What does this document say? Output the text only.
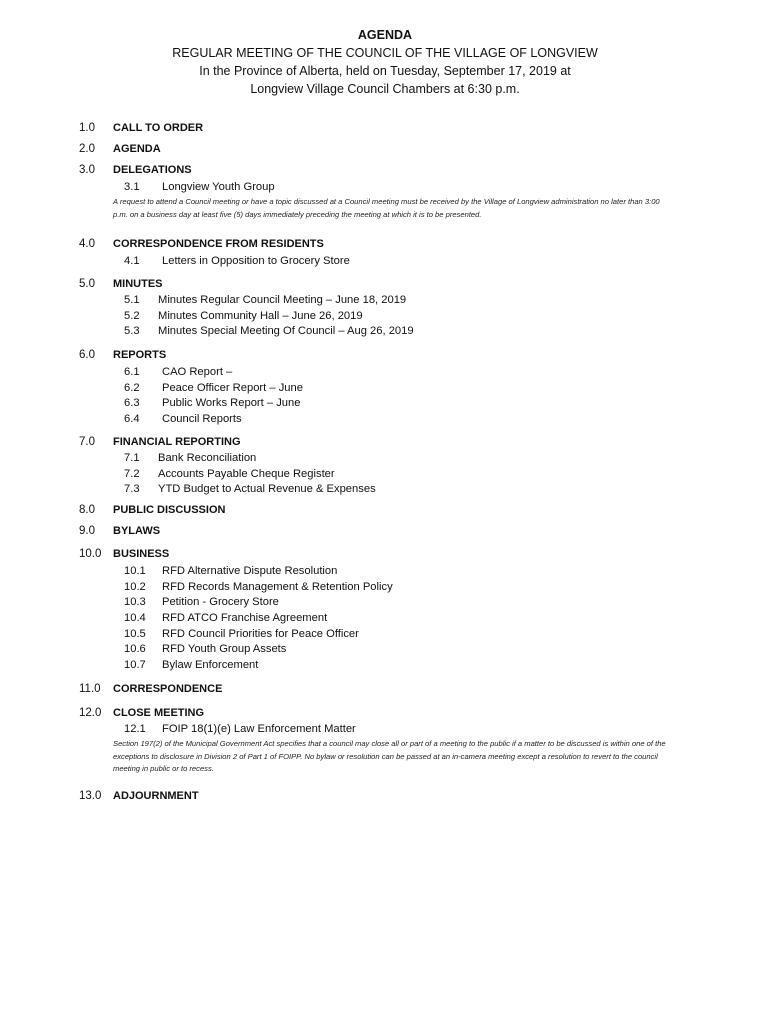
AGENDA
REGULAR MEETING OF THE COUNCIL OF THE VILLAGE OF LONGVIEW
In the Province of Alberta, held on Tuesday, September 17, 2019 at
Longview Village Council Chambers at 6:30 p.m.
1.0 CALL TO ORDER
2.0 AGENDA
3.0 DELEGATIONS
3.1 Longview Youth Group
A request to attend a Council meeting or have a topic discussed at a Council meeting must be received by the Village of Longview administration no later than 3:00 p.m. on a business day at least five (5) days immediately preceding the meeting at which it is to be presented.
4.0 CORRESPONDENCE FROM RESIDENTS
4.1 Letters in Opposition to Grocery Store
5.0 MINUTES
5.1 Minutes Regular Council Meeting – June 18, 2019
5.2 Minutes Community Hall – June 26, 2019
5.3 Minutes Special Meeting Of Council – Aug 26, 2019
6.0 REPORTS
6.1 CAO Report –
6.2 Peace Officer Report – June
6.3 Public Works Report – June
6.4 Council Reports
7.0 FINANCIAL REPORTING
7.1 Bank Reconciliation
7.2 Accounts Payable Cheque Register
7.3 YTD Budget to Actual Revenue & Expenses
8.0 PUBLIC DISCUSSION
9.0 BYLAWS
10.0 BUSINESS
10.1 RFD Alternative Dispute Resolution
10.2 RFD Records Management & Retention Policy
10.3 Petition - Grocery Store
10.4 RFD ATCO Franchise Agreement
10.5 RFD Council Priorities for Peace Officer
10.6 RFD Youth Group Assets
10.7 Bylaw Enforcement
11.0 CORRESPONDENCE
12.0 CLOSE MEETING
12.1 FOIP 18(1)(e) Law Enforcement Matter
Section 197(2) of the Municipal Government Act specifies that a council may close all or part of a meeting to the public if a matter to be discussed is within one of the exceptions to disclosure in Division 2 of Part 1 of FOIPP. No bylaw or resolution can be passed at an in-camera meeting except a resolution to revert to the council meeting in public or to recess.
13.0 ADJOURNMENT
